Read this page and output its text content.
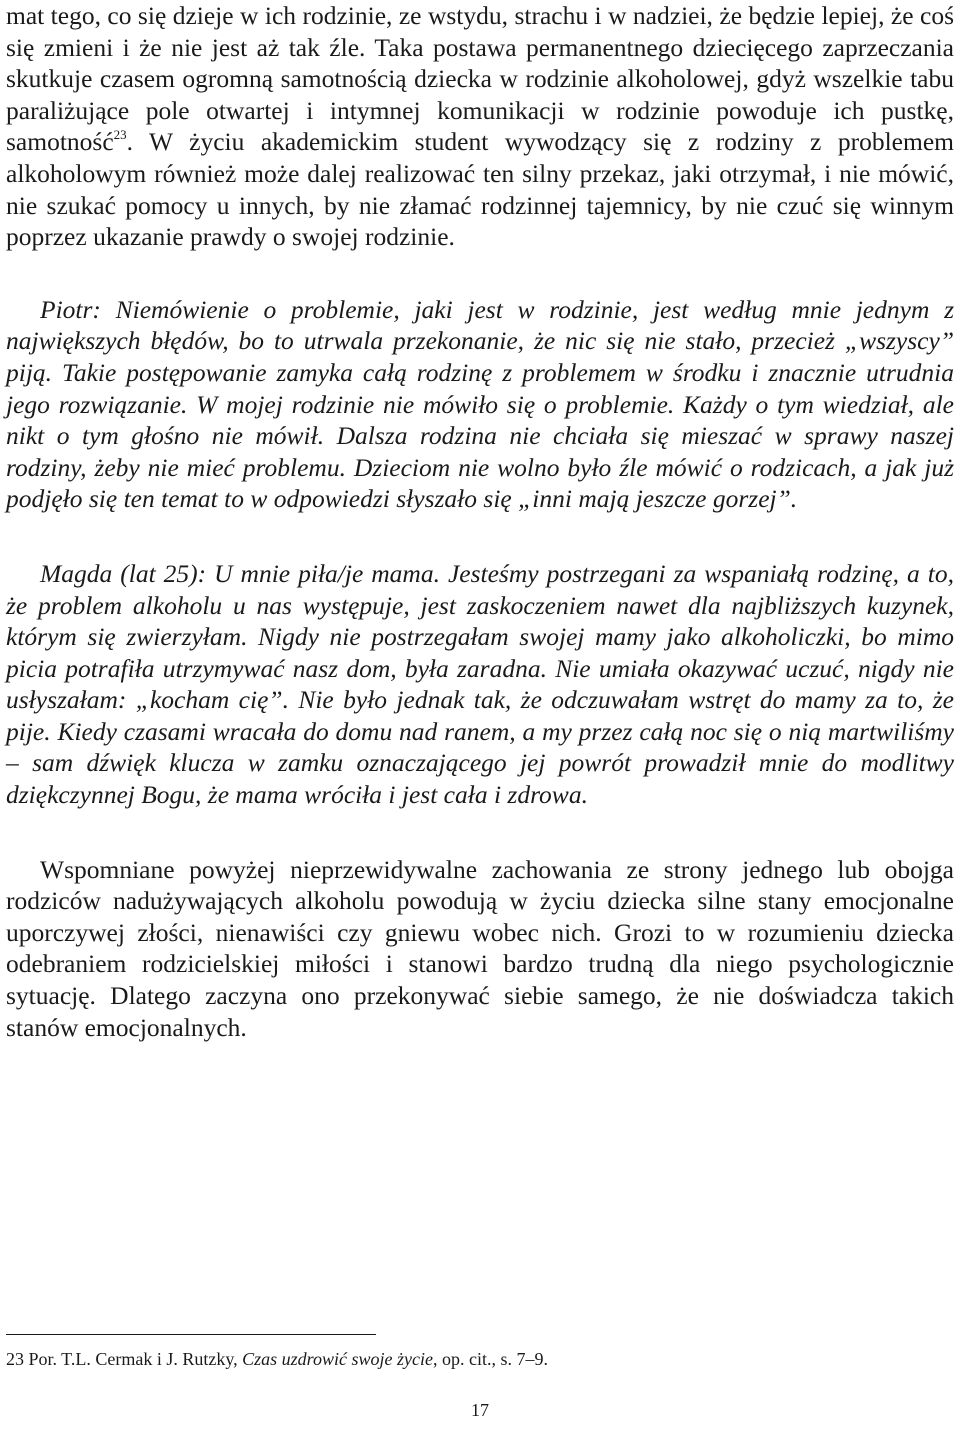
mat tego, co się dzieje w ich rodzinie, ze wstydu, strachu i w nadziei, że będzie lepiej, że coś się zmieni i że nie jest aż tak źle. Taka postawa permanentnego dziecięcego zaprzeczania skutkuje czasem ogromną samotnością dziecka w rodzinie alkoholowej, gdyż wszelkie tabu paraliżujące pole otwartej i intymnej komunikacji w rodzinie powoduje ich pustkę, samotność$^{23}$. W życiu akademickim student wywodzący się z rodziny z problemem alkoholowym również może dalej realizować ten silny przekaz, jaki otrzymał, i nie mówić, nie szukać pomocy u innych, by nie złamać rodzinnej tajemnicy, by nie czuć się winnym poprzez ukazanie prawdy o swojej rodzinie.

Piotr: Niemówienie o problemie, jaki jest w rodzinie, jest według mnie jednym z największych błędów, bo to utrwala przekonanie, że nic się nie stało, przecież „wszyscy” piją. Takie postępowanie zamyka całą rodzinę z problemem w środku i znacznie utrudnia jego rozwiązanie. W mojej rodzinie nie mówiło się o problemie. Każdy o tym wiedział, ale nikt o tym głośno nie mówił. Dalsza rodzina nie chciała się mieszać w sprawy naszej rodziny, żeby nie mieć problemu. Dzieciom nie wolno było źle mówić o rodzicach, a jak już podjęło się ten temat to w odpowiedzi słyszało się „inni mają jeszcze gorzej”.

Magda (lat 25): U mnie piła/je mama. Jesteśmy postrzegani za wspaniałą rodzinę, a to, że problem alkoholu u nas występuje, jest zaskoczeniem nawet dla najbliższych kuzynek, którym się zwierzyłam. Nigdy nie postrzegałam swojej mamy jako alkoholiczki, bo mimo picia potrafiła utrzymywać nasz dom, była zaradna. Nie umiała okazywać uczuć, nigdy nie usłyszałam: „kocham cię”. Nie było jednak tak, że odczuwałam wstręt do mamy za to, że pije. Kiedy czasami wracała do domu nad ranem, a my przez całą noc się o nią martwiliśmy – sam dźwięk klucza w zamku oznaczającego jej powrót prowadził mnie do modlitwy dziękczynnej Bogu, że mama wróciła i jest cała i zdrowa.

Wspomniane powyżej nieprzewidywalne zachowania ze strony jednego lub obojga rodziców nadużywających alkoholu powodują w życiu dziecka silne stany emocjonalne uporczywej złości, nienawiści czy gniewu wobec nich. Grozi to w rozumieniu dziecka odebraniem rodzicielskiej miłości i stanowi bardzo trudną dla niego psychologicznie sytuację. Dlatego zaczyna ono przekonywać siebie samego, że nie doświadcza takich stanów emocjonalnych.

23 Por. T.L. Cermak i J. Rutzky, Czas uzdrowić swoje życie, op. cit., s. 7–9.

17
